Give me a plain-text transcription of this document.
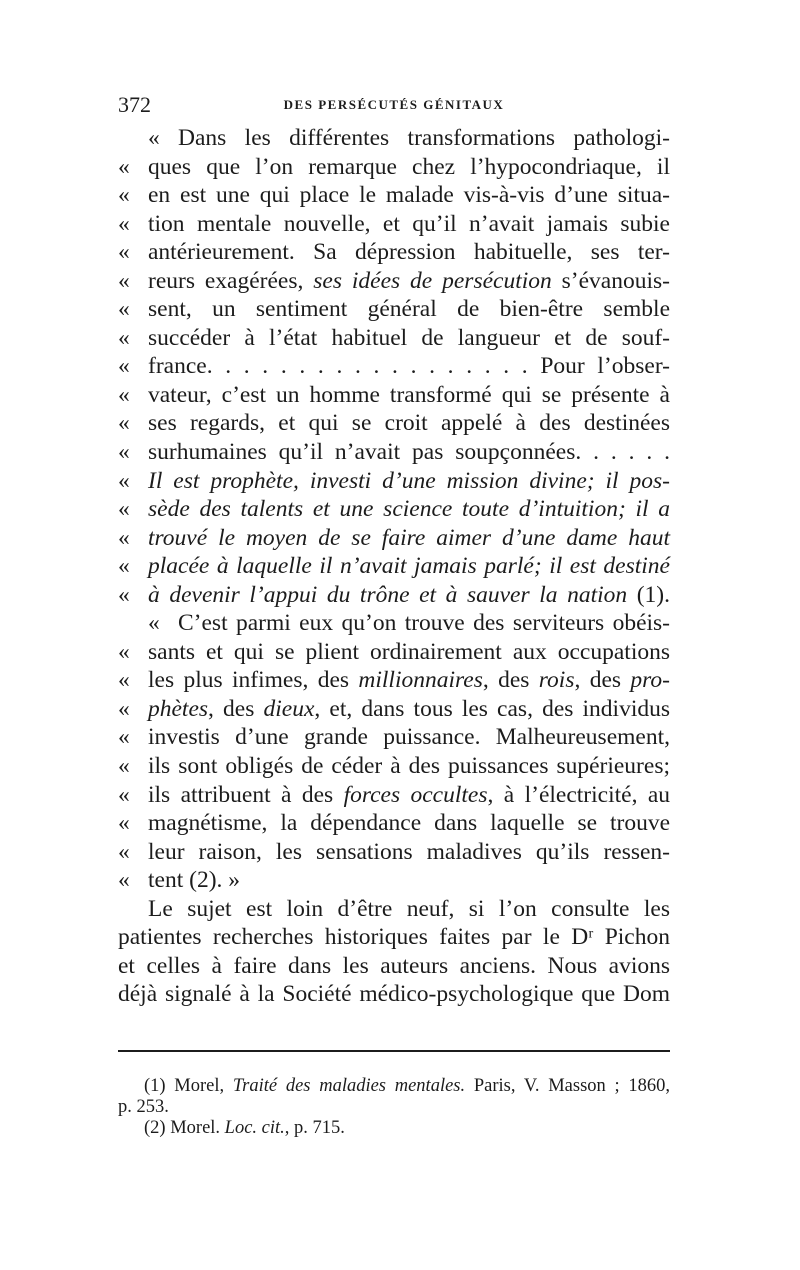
372	DES PERSÉCUTÉS GÉNITAUX
« Dans les différentes transformations pathologi-
« ques que l’on remarque chez l’hypocondriaque, il
« en est une qui place le malade vis-à-vis d’une situa-
« tion mentale nouvelle, et qu’il n’avait jamais subie
« antérieurement. Sa dépression habituelle, ses ter-
« reurs exagérées, ses idées de persécution s’évanouis-
« sent, un sentiment général de bien-être semble
« succéder à l’état habituel de langueur et de souf-
« france. . . . . . . . . . . . . . . . . . Pour l’obser-
« vateur, c’est un homme transformé qui se présente à
« ses regards, et qui se croit appelé à des destinées
« surhumaines qu’il n’avait pas soupçonnées. . . . . .
« Il est prophète, investi d’une mission divine; il pos-
« sède des talents et une science toute d’intuition; il a
« trouvé le moyen de se faire aimer d’une dame haut
« placée à laquelle il n’avait jamais parlé; il est destiné
« à devenir l’appui du trône et à sauver la nation (1).
« C’est parmi eux qu’on trouve des serviteurs obéis-
« sants et qui se plient ordinairement aux occupations
« les plus infimes, des millionnaires, des rois, des pro-
« phètes, des dieux, et, dans tous les cas, des individus
« investis d’une grande puissance. Malheureusement,
« ils sont obligés de céder à des puissances supérieures;
« ils attribuent à des forces occultes, à l’électricité, au
« magnétisme, la dépendance dans laquelle se trouve
« leur raison, les sensations maladives qu’ils ressen-
« tent (2). »
Le sujet est loin d’être neuf, si l’on consulte les
patientes recherches historiques faites par le Dʳ Pichon
et celles à faire dans les auteurs anciens. Nous avions
déjà signalé à la Société médico-psychologique que Dom
(1) Morel, Traité des maladies mentales. Paris, V. Masson ; 1860,
p. 253.
(2) Morel. Loc. cit., p. 715.
